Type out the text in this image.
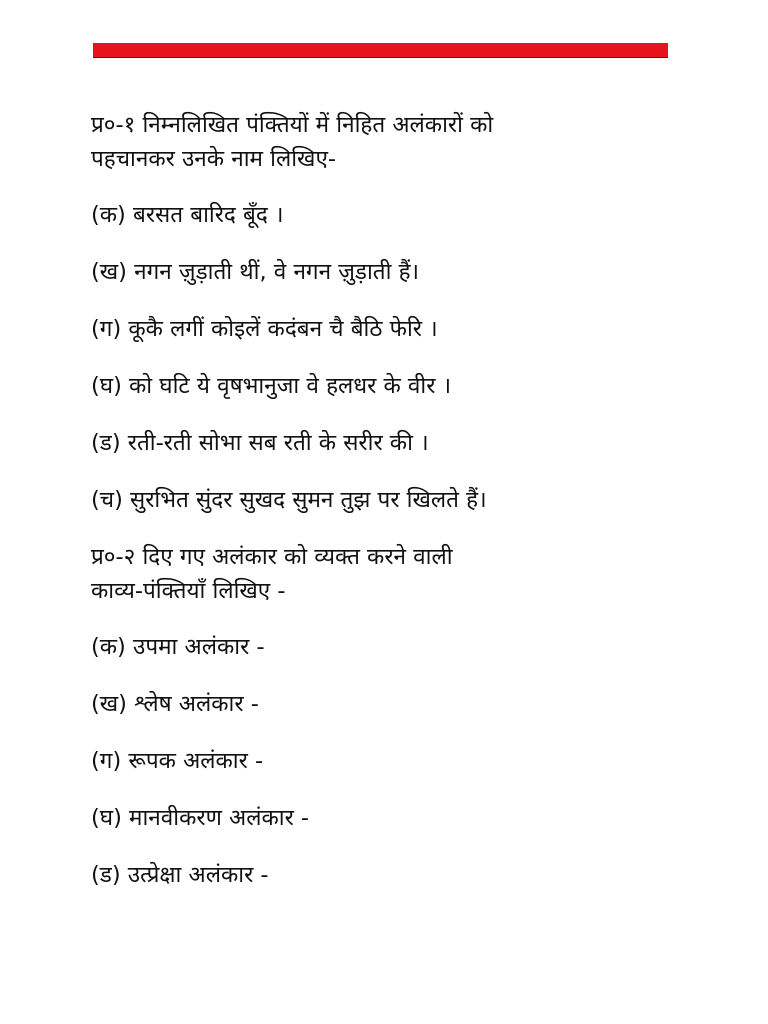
प्र०-१ निम्नलिखित पंक्तियों में निहित अलंकारों को
पहचानकर उनके नाम लिखिए-
(क) बरसत बारिद बूँद ।
(ख) नगन ज़ुड़ाती थीं, वे नगन ज़ुड़ाती हैं।
(ग) कूकै लगीं कोइलें कदंबन चै बैठि फेरि ।
(घ) को घटि ये वृषभानुजा वे हलधर के वीर ।
(ड) रती-रती सोभा सब रती के सरीर की ।
(च) सुरभित सुंदर सुखद सुमन तुझ पर खिलते हैं।
प्र०-२ दिए गए अलंकार को व्यक्त करने वाली
काव्य-पंक्तियाँ लिखिए -
(क) उपमा अलंकार -
(ख) श्लेष अलंकार -
(ग) रूपक अलंकार -
(घ) मानवीकरण अलंकार -
(ड) उत्प्रेक्षा अलंकार -
